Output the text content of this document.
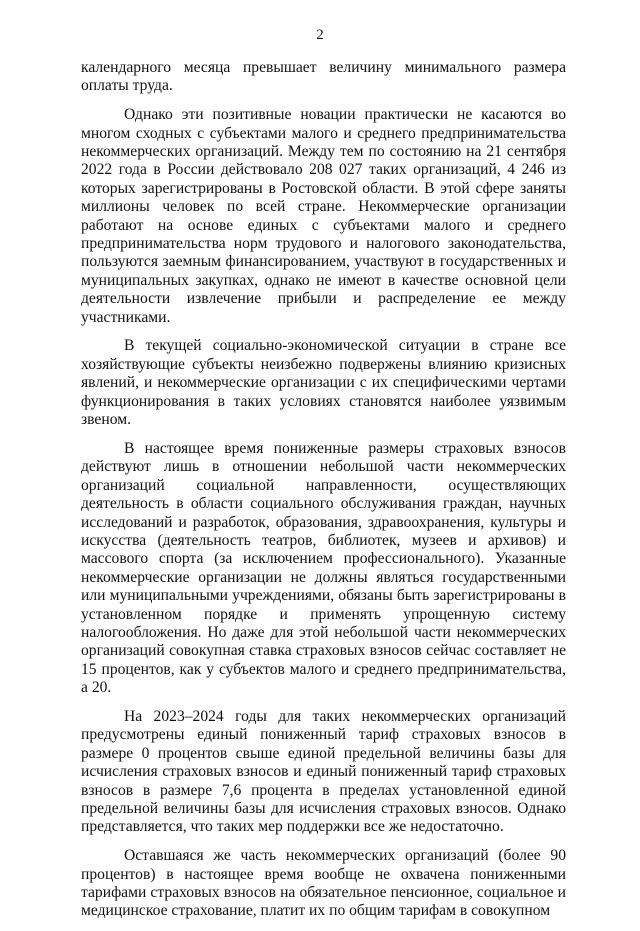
2

календарного месяца превышает величину минимального размера оплаты труда.

Однако эти позитивные новации практически не касаются во многом сходных с субъектами малого и среднего предпринимательства некоммерческих организаций. Между тем по состоянию на 21 сентября 2022 года в России действовало 208 027 таких организаций, 4 246 из которых зарегистрированы в Ростовской области. В этой сфере заняты миллионы человек по всей стране. Некоммерческие организации работают на основе единых с субъектами малого и среднего предпринимательства норм трудового и налогового законодательства, пользуются заемным финансированием, участвуют в государственных и муниципальных закупках, однако не имеют в качестве основной цели деятельности извлечение прибыли и распределение ее между участниками.

В текущей социально-экономической ситуации в стране все хозяйствующие субъекты неизбежно подвержены влиянию кризисных явлений, и некоммерческие организации с их специфическими чертами функционирования в таких условиях становятся наиболее уязвимым звеном.

В настоящее время пониженные размеры страховых взносов действуют лишь в отношении небольшой части некоммерческих организаций социальной направленности, осуществляющих деятельность в области социального обслуживания граждан, научных исследований и разработок, образования, здравоохранения, культуры и искусства (деятельность театров, библиотек, музеев и архивов) и массового спорта (за исключением профессионального). Указанные некоммерческие организации не должны являться государственными или муниципальными учреждениями, обязаны быть зарегистрированы в установленном порядке и применять упрощенную систему налогообложения. Но даже для этой небольшой части некоммерческих организаций совокупная ставка страховых взносов сейчас составляет не 15 процентов, как у субъектов малого и среднего предпринимательства, а 20.

На 2023–2024 годы для таких некоммерческих организаций предусмотрены единый пониженный тариф страховых взносов в размере 0 процентов свыше единой предельной величины базы для исчисления страховых взносов и единый пониженный тариф страховых взносов в размере 7,6 процента в пределах установленной единой предельной величины базы для исчисления страховых взносов. Однако представляется, что таких мер поддержки все же недостаточно.

Оставшаяся же часть некоммерческих организаций (более 90 процентов) в настоящее время вообще не охвачена пониженными тарифами страховых взносов на обязательное пенсионное, социальное и медицинское страхование, платит их по общим тарифам в совокупном
